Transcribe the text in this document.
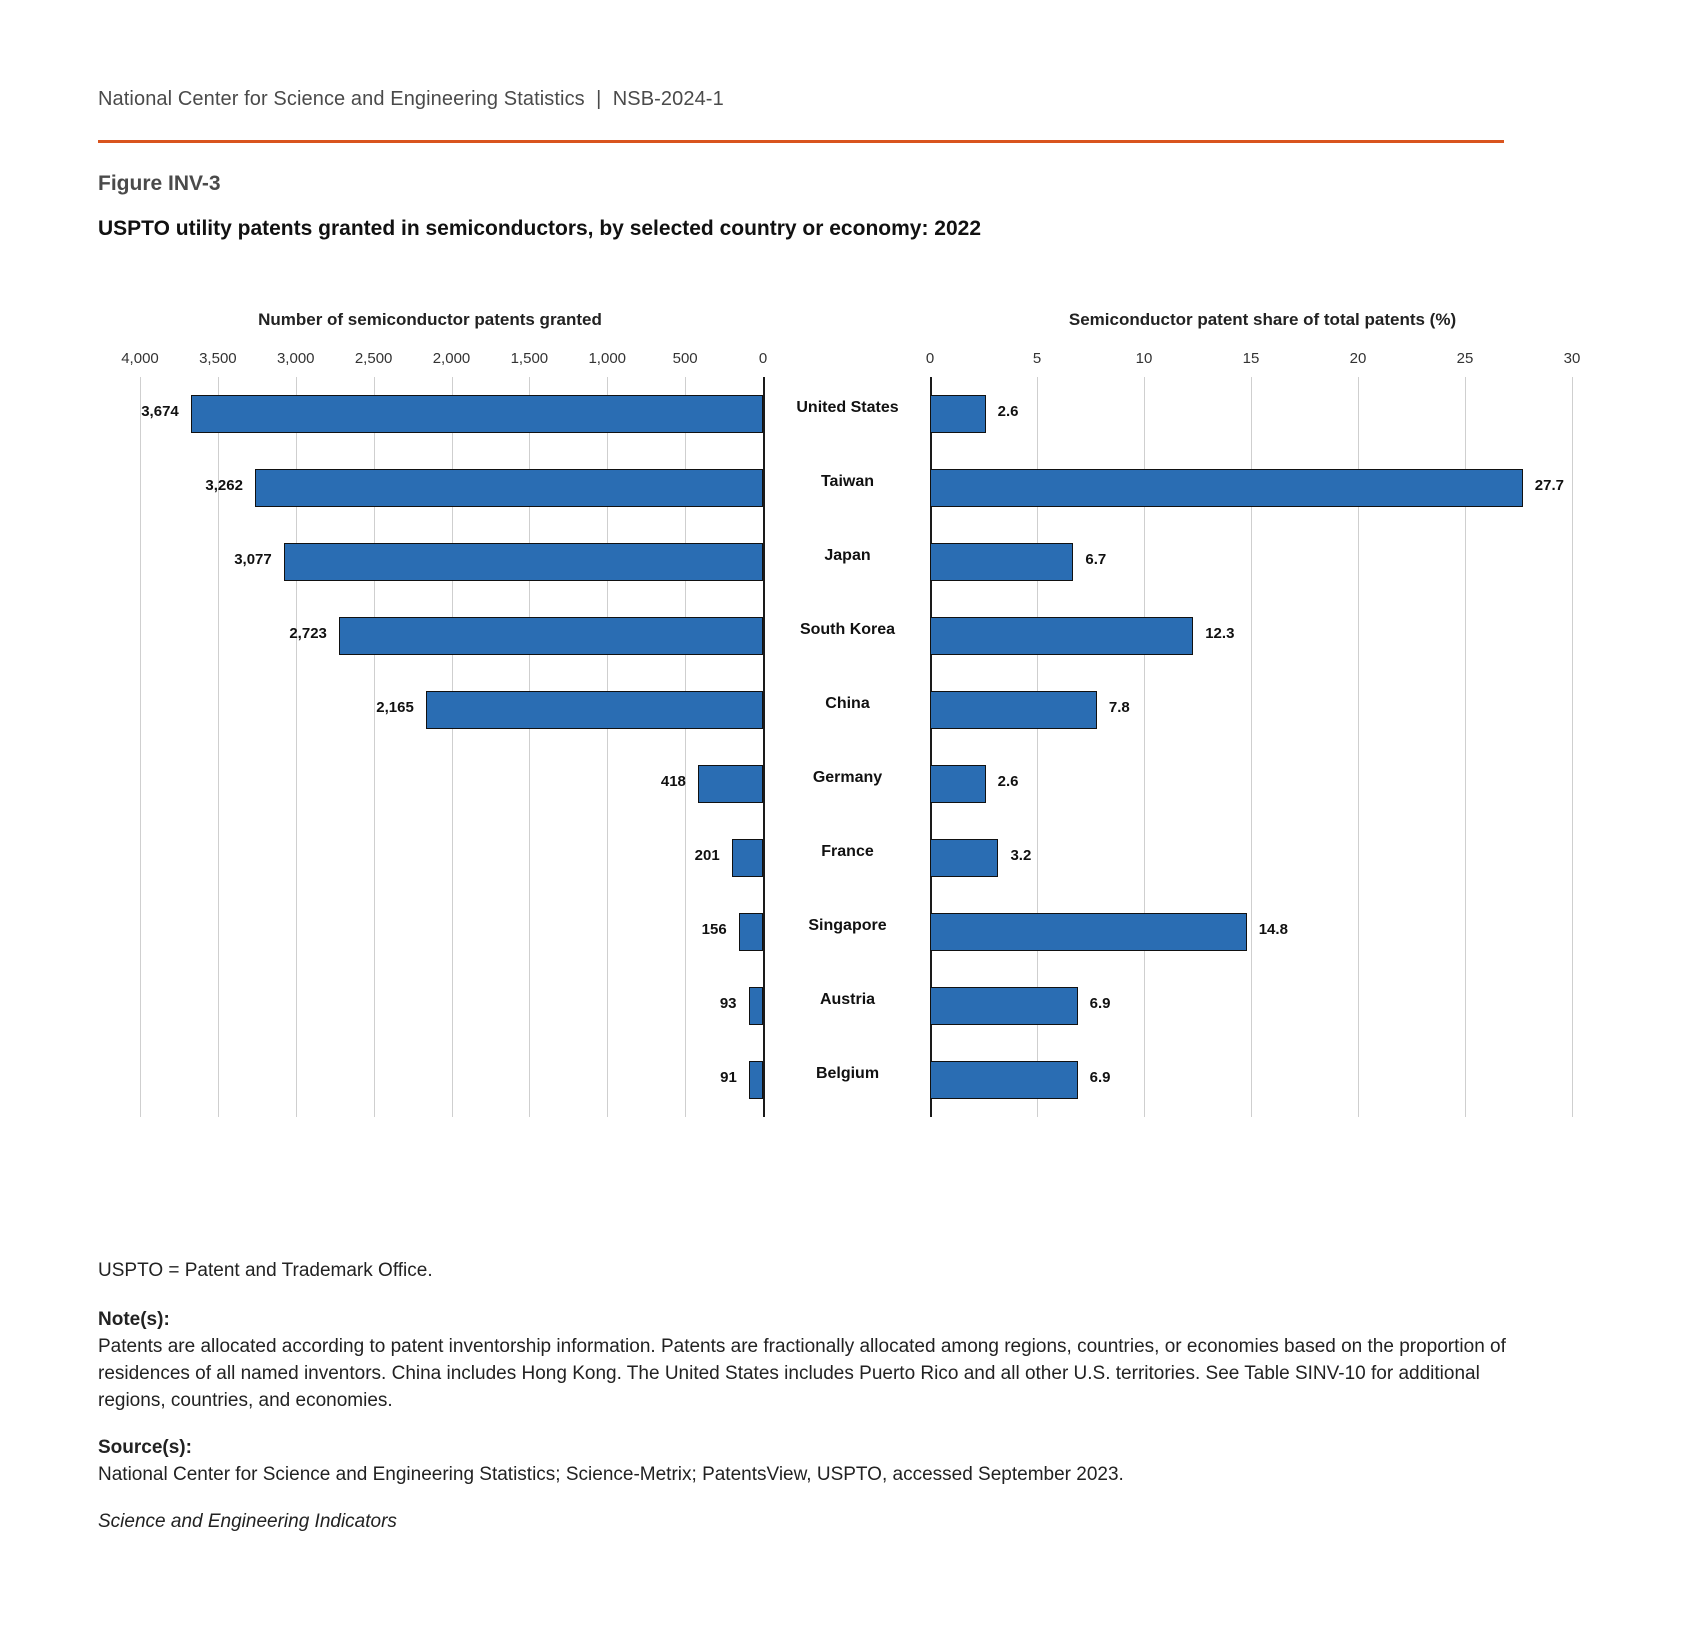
National Center for Science and Engineering Statistics  |  NSB-2024-1
Figure INV-3
USPTO utility patents granted in semiconductors, by selected country or economy: 2022
Number of semiconductor patents granted	Semiconductor patent share of total patents (%)
4,000	3,500	3,000	2,500	2,000	1,500	1,000	500	0	0	5	10	15	20	25	30
3,674	United States	2.6
3,262	Taiwan	27.7
3,077	Japan	6.7
2,723	South Korea	12.3
2,165	China	7.8
418	Germany	2.6
201	France	3.2
156	Singapore	14.8
93	Austria	6.9
91	Belgium	6.9
USPTO = Patent and Trademark Office.
Note(s):
Patents are allocated according to patent inventorship information. Patents are fractionally allocated among regions, countries, or economies based on the proportion of residences of all named inventors. China includes Hong Kong. The United States includes Puerto Rico and all other U.S. territories. See Table SINV-10 for additional regions, countries, and economies.
Source(s):
National Center for Science and Engineering Statistics; Science-Metrix; PatentsView, USPTO, accessed September 2023.
Science and Engineering Indicators
